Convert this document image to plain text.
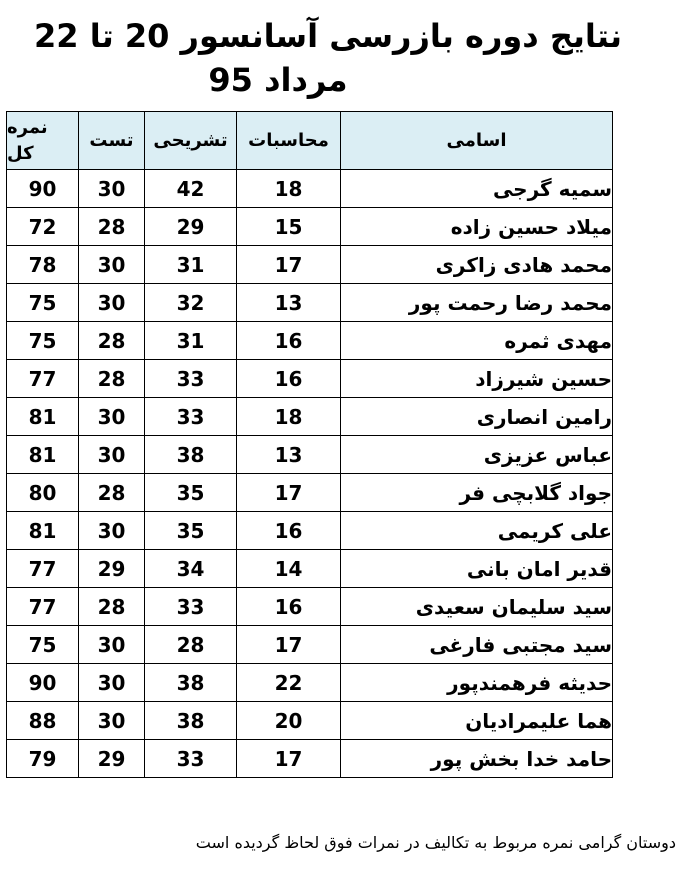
نتایج دوره بازرسی آسانسور 20 تا 22
مرداد 95
نمره کل	تست	تشریحی	محاسبات	اسامی
90	30	42	18	سمیه گرجی
72	28	29	15	میلاد حسین زاده
78	30	31	17	محمد هادی زاکری
75	30	32	13	محمد رضا رحمت پور
75	28	31	16	مهدی ثمره
77	28	33	16	حسین شیرزاد
81	30	33	18	رامین انصاری
81	30	38	13	عباس عزیزی
80	28	35	17	جواد گلابچی فر
81	30	35	16	علی کریمی
77	29	34	14	قدیر امان بانی
77	28	33	16	سید سلیمان سعیدی
75	30	28	17	سید مجتبی فارغی
90	30	38	22	حدیثه فرهمندپور
88	30	38	20	هما علیمرادیان
79	29	33	17	حامد خدا بخش پور
دوستان گرامی نمره مربوط به تکالیف در نمرات فوق لحاظ گردیده است
